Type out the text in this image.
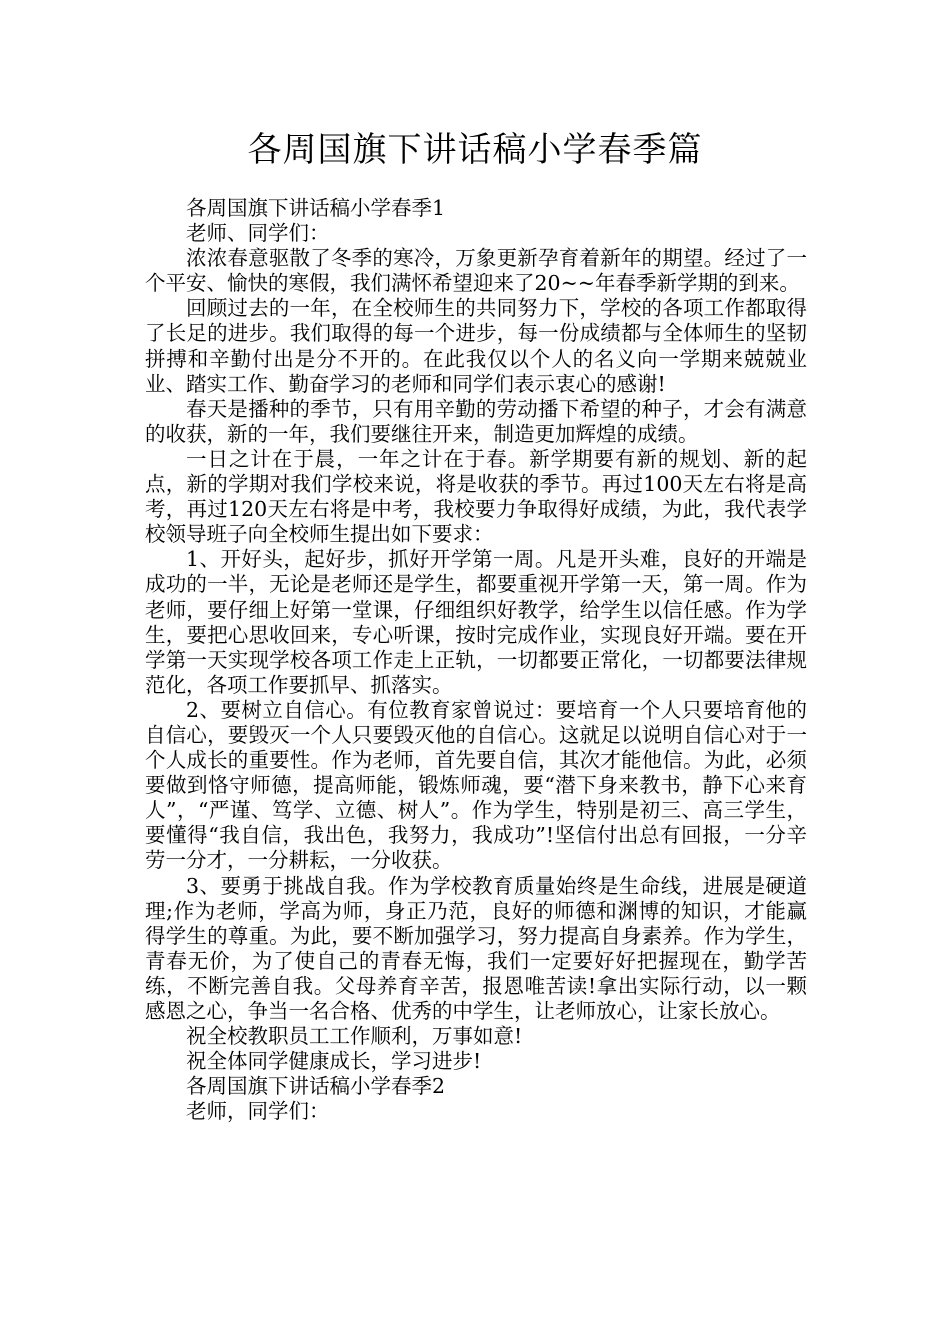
各周国旗下讲话稿小学春季篇

各周国旗下讲话稿小学春季1

老师、同学们：

浓浓春意驱散了冬季的寒冷，万象更新孕育着新年的期望。经过了一个平安、愉快的寒假，我们满怀希望迎来了20~~年春季新学期的到来。

回顾过去的一年，在全校师生的共同努力下，学校的各项工作都取得了长足的进步。我们取得的每一个进步，每一份成绩都与全体师生的坚韧拼搏和辛勤付出是分不开的。在此我仅以个人的名义向一学期来兢兢业业、踏实工作、勤奋学习的老师和同学们表示衷心的感谢!

春天是播种的季节，只有用辛勤的劳动播下希望的种子，才会有满意的收获，新的一年，我们要继往开来，制造更加辉煌的成绩。

一日之计在于晨，一年之计在于春。新学期要有新的规划、新的起点，新的学期对我们学校来说，将是收获的季节。再过100天左右将是高考，再过120天左右将是中考，我校要力争取得好成绩，为此，我代表学校领导班子向全校师生提出如下要求：

1、开好头，起好步，抓好开学第一周。凡是开头难，良好的开端是成功的一半，无论是老师还是学生，都要重视开学第一天，第一周。作为老师，要仔细上好第一堂课，仔细组织好教学，给学生以信任感。作为学生，要把心思收回来，专心听课，按时完成作业，实现良好开端。要在开学第一天实现学校各项工作走上正轨，一切都要正常化，一切都要法律规范化，各项工作要抓早、抓落实。

2、要树立自信心。有位教育家曾说过：要培育一个人只要培育他的自信心，要毁灭一个人只要毁灭他的自信心。这就足以说明自信心对于一个人成长的重要性。作为老师，首先要自信，其次才能他信。为此，必须要做到恪守师德，提高师能，锻炼师魂，要“潜下身来教书，静下心来育人”，“严谨、笃学、立德、树人”。作为学生，特别是初三、高三学生，要懂得“我自信，我出色，我努力，我成功”!坚信付出总有回报，一分辛劳一分才，一分耕耘，一分收获。

3、要勇于挑战自我。作为学校教育质量始终是生命线，进展是硬道理;作为老师，学高为师，身正乃范，良好的师德和渊博的知识，才能赢得学生的尊重。为此，要不断加强学习，努力提高自身素养。作为学生，青春无价，为了使自己的青春无悔，我们一定要好好把握现在，勤学苦练，不断完善自我。父母养育辛苦，报恩唯苦读!拿出实际行动，以一颗感恩之心，争当一名合格、优秀的中学生，让老师放心，让家长放心。

祝全校教职员工工作顺利，万事如意!

祝全体同学健康成长，学习进步!

各周国旗下讲话稿小学春季2

老师，同学们：
